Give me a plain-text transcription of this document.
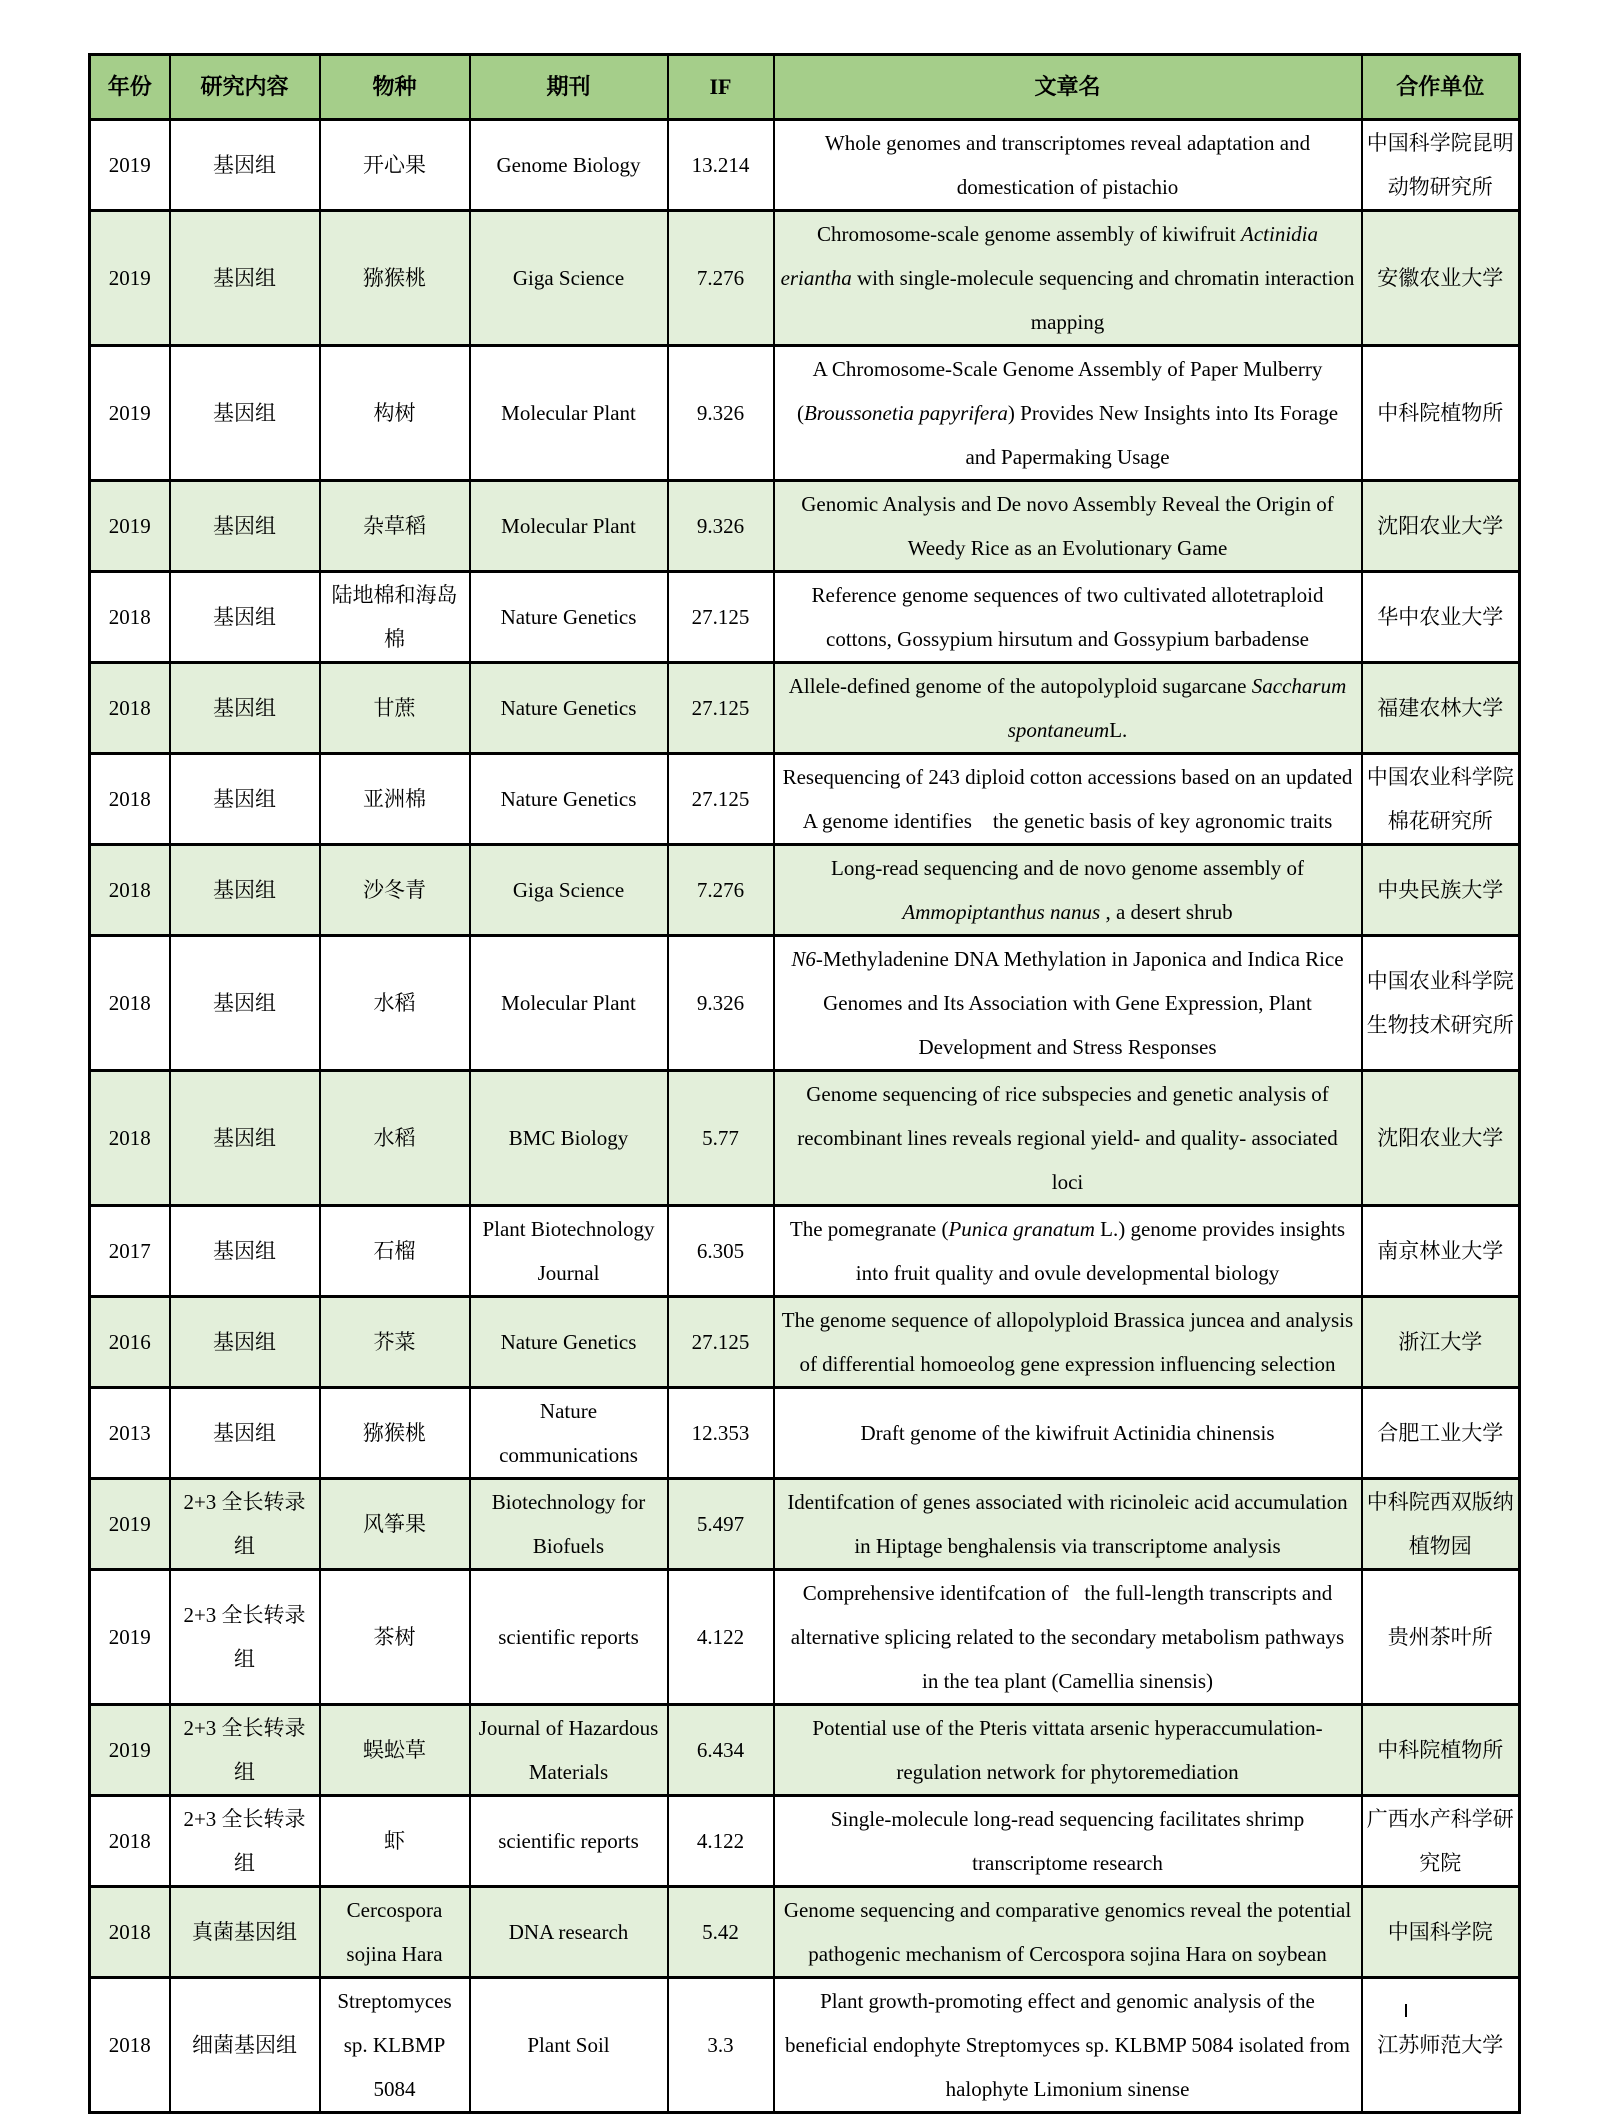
年份	研究内容	物种	期刊	IF	文章名	合作单位
2019	基因组	开心果	Genome Biology	13.214	Whole genomes and transcriptomes reveal adaptation and domestication of pistachio	中国科学院昆明动物研究所
2019	基因组	猕猴桃	Giga Science	7.276	Chromosome-scale genome assembly of kiwifruit Actinidia eriantha with single-molecule sequencing and chromatin interaction mapping	安徽农业大学
2019	基因组	构树	Molecular Plant	9.326	A Chromosome-Scale Genome Assembly of Paper Mulberry (Broussonetia papyrifera) Provides New Insights into Its Forage and Papermaking Usage	中科院植物所
2019	基因组	杂草稻	Molecular Plant	9.326	Genomic Analysis and De novo Assembly Reveal the Origin of Weedy Rice as an Evolutionary Game	沈阳农业大学
2018	基因组	陆地棉和海岛棉	Nature Genetics	27.125	Reference genome sequences of two cultivated allotetraploid cottons, Gossypium hirsutum and Gossypium barbadense	华中农业大学
2018	基因组	甘蔗	Nature Genetics	27.125	Allele-defined genome of the autopolyploid sugarcane Saccharum spontaneumL.	福建农林大学
2018	基因组	亚洲棉	Nature Genetics	27.125	Resequencing of 243 diploid cotton accessions based on an updated A genome identifies    the genetic basis of key agronomic traits	中国农业科学院棉花研究所
2018	基因组	沙冬青	Giga Science	7.276	Long-read sequencing and de novo genome assembly of Ammopiptanthus nanus , a desert shrub	中央民族大学
2018	基因组	水稻	Molecular Plant	9.326	N6-Methyladenine DNA Methylation in Japonica and Indica Rice Genomes and Its Association with Gene Expression, Plant Development and Stress Responses	中国农业科学院生物技术研究所
2018	基因组	水稻	BMC Biology	5.77	Genome sequencing of rice subspecies and genetic analysis of recombinant lines reveals regional yield- and quality- associated loci	沈阳农业大学
2017	基因组	石榴	Plant Biotechnology Journal	6.305	The pomegranate (Punica granatum L.) genome provides insights into fruit quality and ovule developmental biology	南京林业大学
2016	基因组	芥菜	Nature Genetics	27.125	The genome sequence of allopolyploid Brassica juncea and analysis of differential homoeolog gene expression influencing selection	浙江大学
2013	基因组	猕猴桃	Nature communications	12.353	Draft genome of the kiwifruit Actinidia chinensis	合肥工业大学
2019	2+3 全长转录组	风筝果	Biotechnology for Biofuels	5.497	Identifcation of genes associated with ricinoleic acid accumulation in Hiptage benghalensis via transcriptome analysis	中科院西双版纳植物园
2019	2+3 全长转录组	茶树	scientific reports	4.122	Comprehensive identifcation of   the full-length transcripts and alternative splicing related to the secondary metabolism pathways in the tea plant (Camellia sinensis)	贵州茶叶所
2019	2+3 全长转录组	蜈蚣草	Journal of Hazardous Materials	6.434	Potential use of the Pteris vittata arsenic hyperaccumulation-regulation network for phytoremediation	中科院植物所
2018	2+3 全长转录组	虾	scientific reports	4.122	Single-molecule long-read sequencing facilitates shrimp transcriptome research	广西水产科学研究院
2018	真菌基因组	Cercospora sojina Hara	DNA research	5.42	Genome sequencing and comparative genomics reveal the potential pathogenic mechanism of Cercospora sojina Hara on soybean	中国科学院
2018	细菌基因组	Streptomyces sp. KLBMP 5084	Plant Soil	3.3	Plant growth-promoting effect and genomic analysis of the beneficial endophyte Streptomyces sp. KLBMP 5084 isolated from halophyte Limonium sinense	江苏师范大学
